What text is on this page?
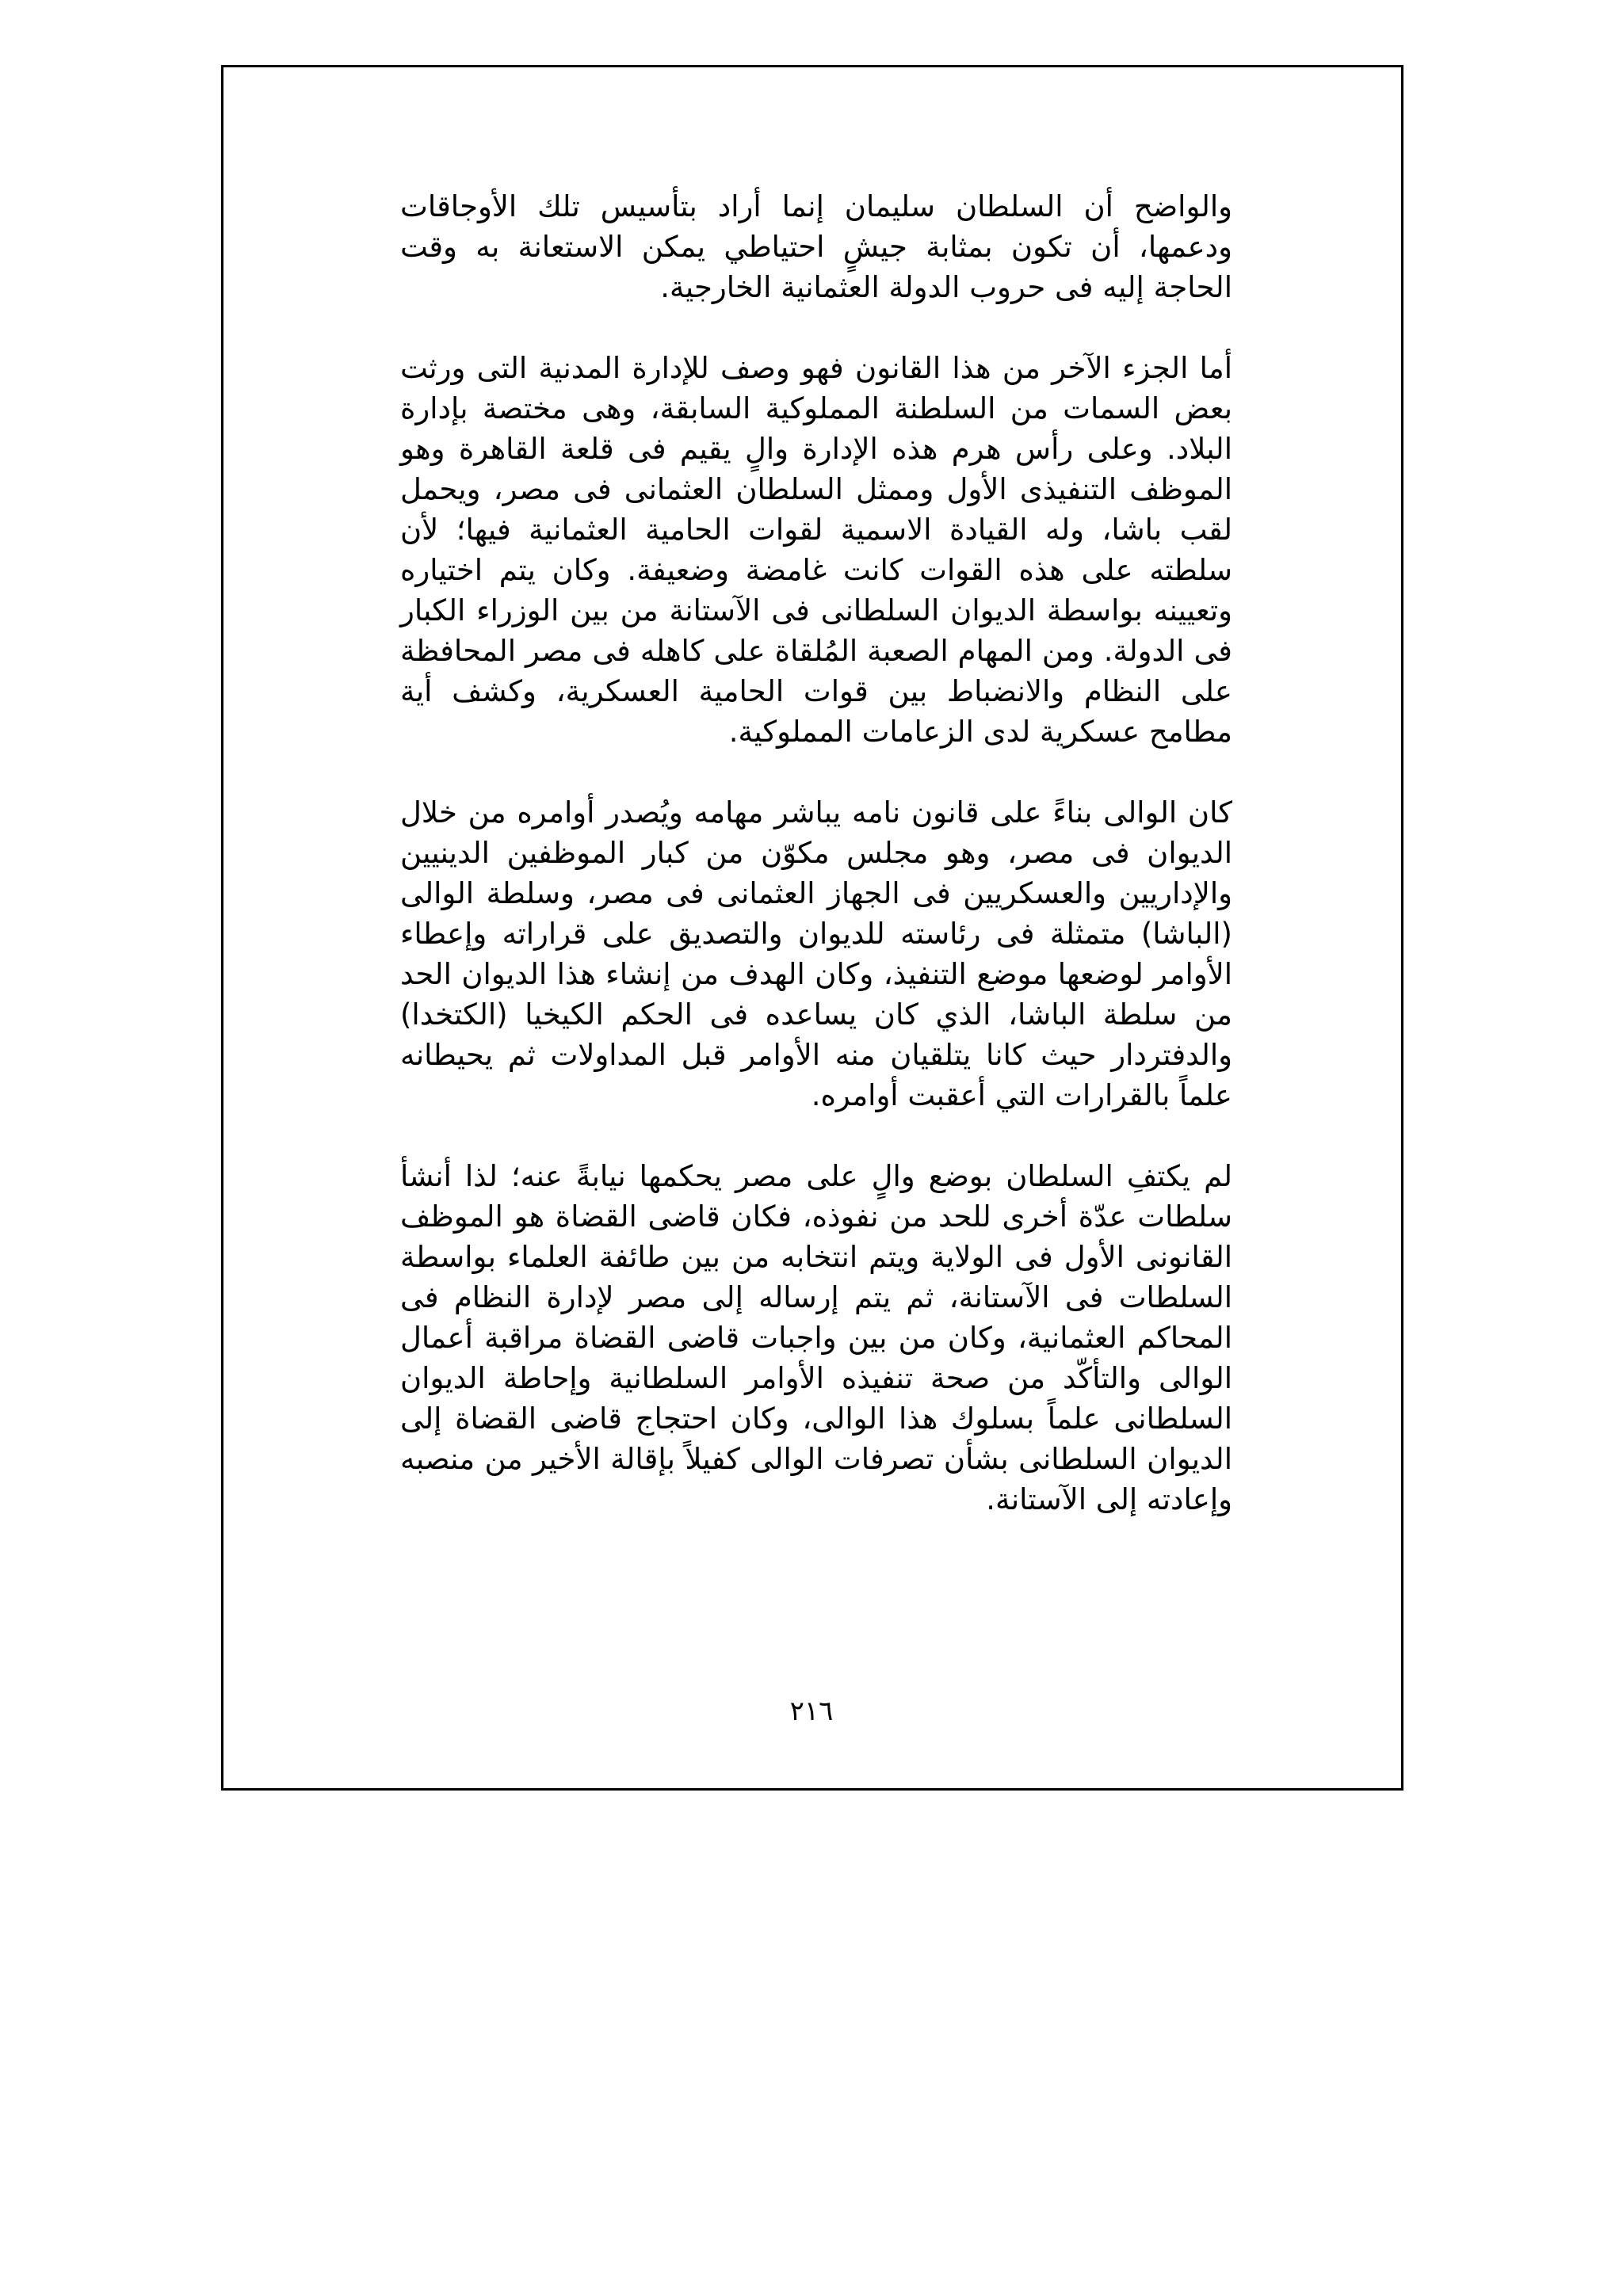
والواضح أن السلطان سليمان إنما أراد بتأسيس تلك الأوجاقات ودعمها، أن تكون بمثابة جيشٍ احتياطي يمكن الاستعانة به وقت الحاجة إليه فى حروب الدولة العثمانية الخارجية.

أما الجزء الآخر من هذا القانون فهو وصف للإدارة المدنية التى ورثت بعض السمات من السلطنة المملوكية السابقة، وهى مختصة بإدارة البلاد. وعلى رأس هرم هذه الإدارة والٍ يقيم فى قلعة القاهرة وهو الموظف التنفيذى الأول وممثل السلطان العثمانى فى مصر، ويحمل لقب باشا، وله القيادة الاسمية لقوات الحامية العثمانية فيها؛ لأن سلطته على هذه القوات كانت غامضة وضعيفة. وكان يتم اختياره وتعيينه بواسطة الديوان السلطانى فى الآستانة من بين الوزراء الكبار فى الدولة. ومن المهام الصعبة المُلقاة على كاهله فى مصر المحافظة على النظام والانضباط بين قوات الحامية العسكرية، وكشف أية مطامح عسكرية لدى الزعامات المملوكية.

كان الوالى بناءً على قانون نامه يباشر مهامه ويُصدر أوامره من خلال الديوان فى مصر، وهو مجلس مكوّن من كبار الموظفين الدينيين والإداريين والعسكريين فى الجهاز العثمانى فى مصر، وسلطة الوالى (الباشا) متمثلة فى رئاسته للديوان والتصديق على قراراته وإعطاء الأوامر لوضعها موضع التنفيذ، وكان الهدف من إنشاء هذا الديوان الحد من سلطة الباشا، الذي كان يساعده فى الحكم الكيخيا (الكتخدا) والدفتردار حيث كانا يتلقيان منه الأوامر قبل المداولات ثم يحيطانه علماً بالقرارات التي أعقبت أوامره.

لم يكتفِ السلطان بوضع والٍ على مصر يحكمها نيابةً عنه؛ لذا أنشأ سلطات عدّة أخرى للحد من نفوذه، فكان قاضى القضاة هو الموظف القانونى الأول فى الولاية ويتم انتخابه من بين طائفة العلماء بواسطة السلطات فى الآستانة، ثم يتم إرساله إلى مصر لإدارة النظام فى المحاكم العثمانية، وكان من بين واجبات قاضى القضاة مراقبة أعمال الوالى والتأكّد من صحة تنفيذه الأوامر السلطانية وإحاطة الديوان السلطانى علماً بسلوك هذا الوالى، وكان احتجاج قاضى القضاة إلى الديوان السلطانى بشأن تصرفات الوالى كفيلاً بإقالة الأخير من منصبه وإعادته إلى الآستانة.

٢١٦
